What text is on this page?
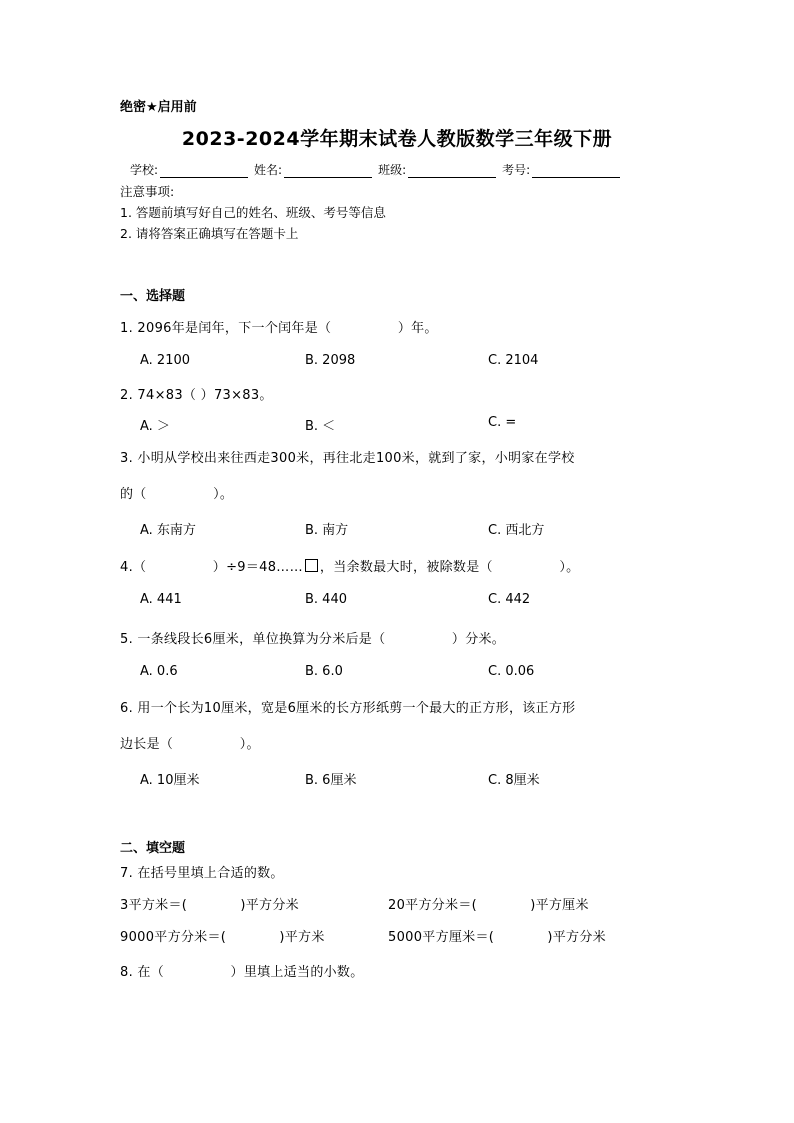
绝密★启用前
2023-2024学年期末试卷人教版数学三年级下册
学校:	姓名:	班级:	考号:
注意事项:
1. 答题前填写好自己的姓名、班级、考号等信息
2. 请将答案正确填写在答题卡上
一、选择题
1. 2096年是闰年，下一个闰年是（　　　　　）年。
A. 2100	B. 2098	C. 2104
2. 74×83（ ）73×83。
A. ＞	B. ＜	C. =
3. 小明从学校出来往西走300米，再往北走100米，就到了家，小明家在学校
的（　　　　　）。
A. 东南方	B. 南方	C. 西北方
4.（　　　　　）÷9＝48…… ，当余数最大时，被除数是（　　　　　）。
A. 441	B. 440	C. 442
5. 一条线段长6厘米，单位换算为分米后是（　　　　　）分米。
A. 0.6	B. 6.0	C. 0.06
6. 用一个长为10厘米，宽是6厘米的长方形纸剪一个最大的正方形，该正方形
边长是（　　　　　）。
A. 10厘米	B. 6厘米	C. 8厘米
二、填空题
7. 在括号里填上合适的数。
3平方米＝(　　　　)平方分米	20平方分米＝(　　　　)平方厘米
9000平方分米＝(　　　　)平方米	5000平方厘米＝(　　　　)平方分米
8. 在（　　　　　）里填上适当的小数。
